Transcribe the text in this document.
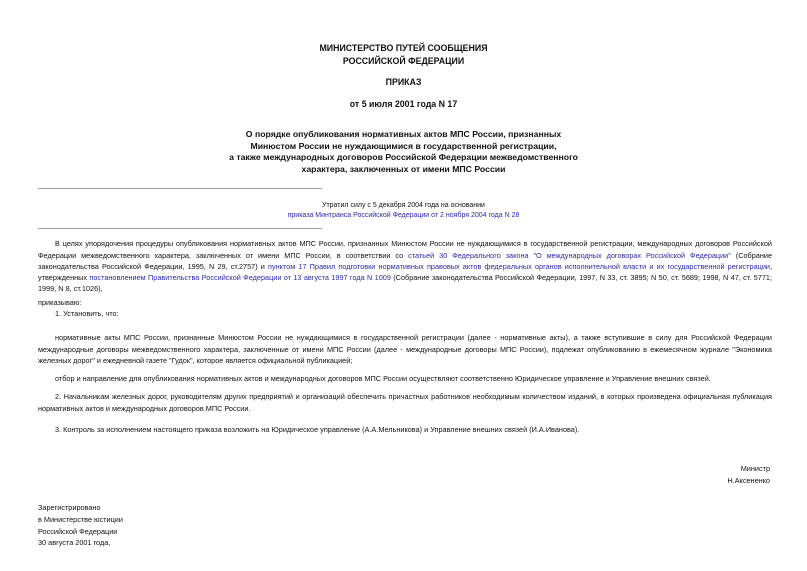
МИНИСТЕРСТВО ПУТЕЙ СООБЩЕНИЯ
РОССИЙСКОЙ ФЕДЕРАЦИИ
ПРИКАЗ
от 5 июля 2001 года N 17
О порядке опубликования нормативных актов МПС России, признанных
Минюстом России не нуждающимися в государственной регистрации,
а также международных договоров Российской Федерации межведомственного
характера, заключенных от имени МПС России
Утратил силу с 5 декабря 2004 года на основании
приказа Минтранса Российской Федерации от 2 ноября 2004 года N 28
В целях упорядочения процедуры опубликования нормативных актов МПС России, признанных Минюстом России не нуждающимися в государственной регистрации, международных договоров Российской Федерации межведомственного характера, заключенных от имени МПС России, в соответствии со статьей 30 Федерального закона "О международных договорах Российской Федерации" (Собрание законодательства Российской Федерации, 1995, N 29, ст.2757) и пунктом 17 Правил подготовки нормативных правовых актов федеральных органов исполнительной власти и их государственной регистрации, утвержденных постановлением Правительства Российской Федерации от 13 августа 1997 года N 1009 (Собрание законодательства Российской Федерации, 1997, N 33, ст. 3895; N 50, ст. 5689; 1998, N 47, ст. 5771; 1999, N 8, ст.1026),
приказываю:
1. Установить, что:
нормативные акты МПС России, признанные Минюстом России не нуждающимися в государственной регистрации (далее - нормативные акты), а также вступившие в силу для Российской Федерации международные договоры межведомственного характера, заключенные от имени МПС России (далее - международные договоры МПС России), подлежат опубликованию в ежемесячном журнале "Экономика железных дорог" и ежедневной газете "Гудок", которое является официальной публикацией;
отбор и направление для опубликования нормативных актов и международных договоров МПС России осуществляют соответственно Юридическое управление и Управление внешних связей.
2. Начальникам железных дорог, руководителям других предприятий и организаций обеспечить причастных работников необходимым количеством изданий, в которых произведена официальная публикация нормативных актов и международных договоров МПС России.
3. Контроль за исполнением настоящего приказа возложить на Юридическое управление (А.А.Мельникова) и Управление внешних связей (И.А.Иванова).
Министр
Н.Аксененко
Зарегистрировано
в Министерстве юстиции
Российской Федерации
30 августа 2001 года,
